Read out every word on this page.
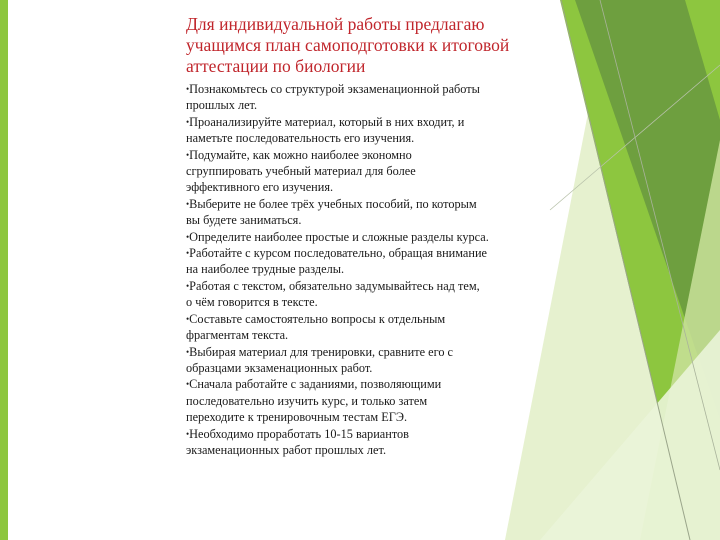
Для индивидуальной работы предлагаю
учащимся план самоподготовки к итоговой
аттестации по биологии
•Познакомьтесь со структурой экзаменационной работы
прошлых лет.
•Проанализируйте материал, который в них входит, и
наметьте последовательность его изучения.
•Подумайте, как можно наиболее экономно
сгруппировать учебный материал для более
эффективного его изучения.
•Выберите не более трёх учебных пособий, по которым
вы будете заниматься.
•Определите наиболее простые и сложные разделы курса.
•Работайте с курсом последовательно, обращая внимание
на наиболее трудные разделы.
•Работая с текстом, обязательно задумывайтесь над тем,
о чём говорится в тексте.
•Составьте самостоятельно вопросы к отдельным
фрагментам текста.
•Выбирая материал для тренировки, сравните его с
образцами экзаменационных работ.
•Сначала работайте с заданиями, позволяющими
последовательно изучить курс, и только затем
переходите к тренировочным тестам ЕГЭ.
•Необходимо проработать 10-15 вариантов
экзаменационных работ прошлых лет.
